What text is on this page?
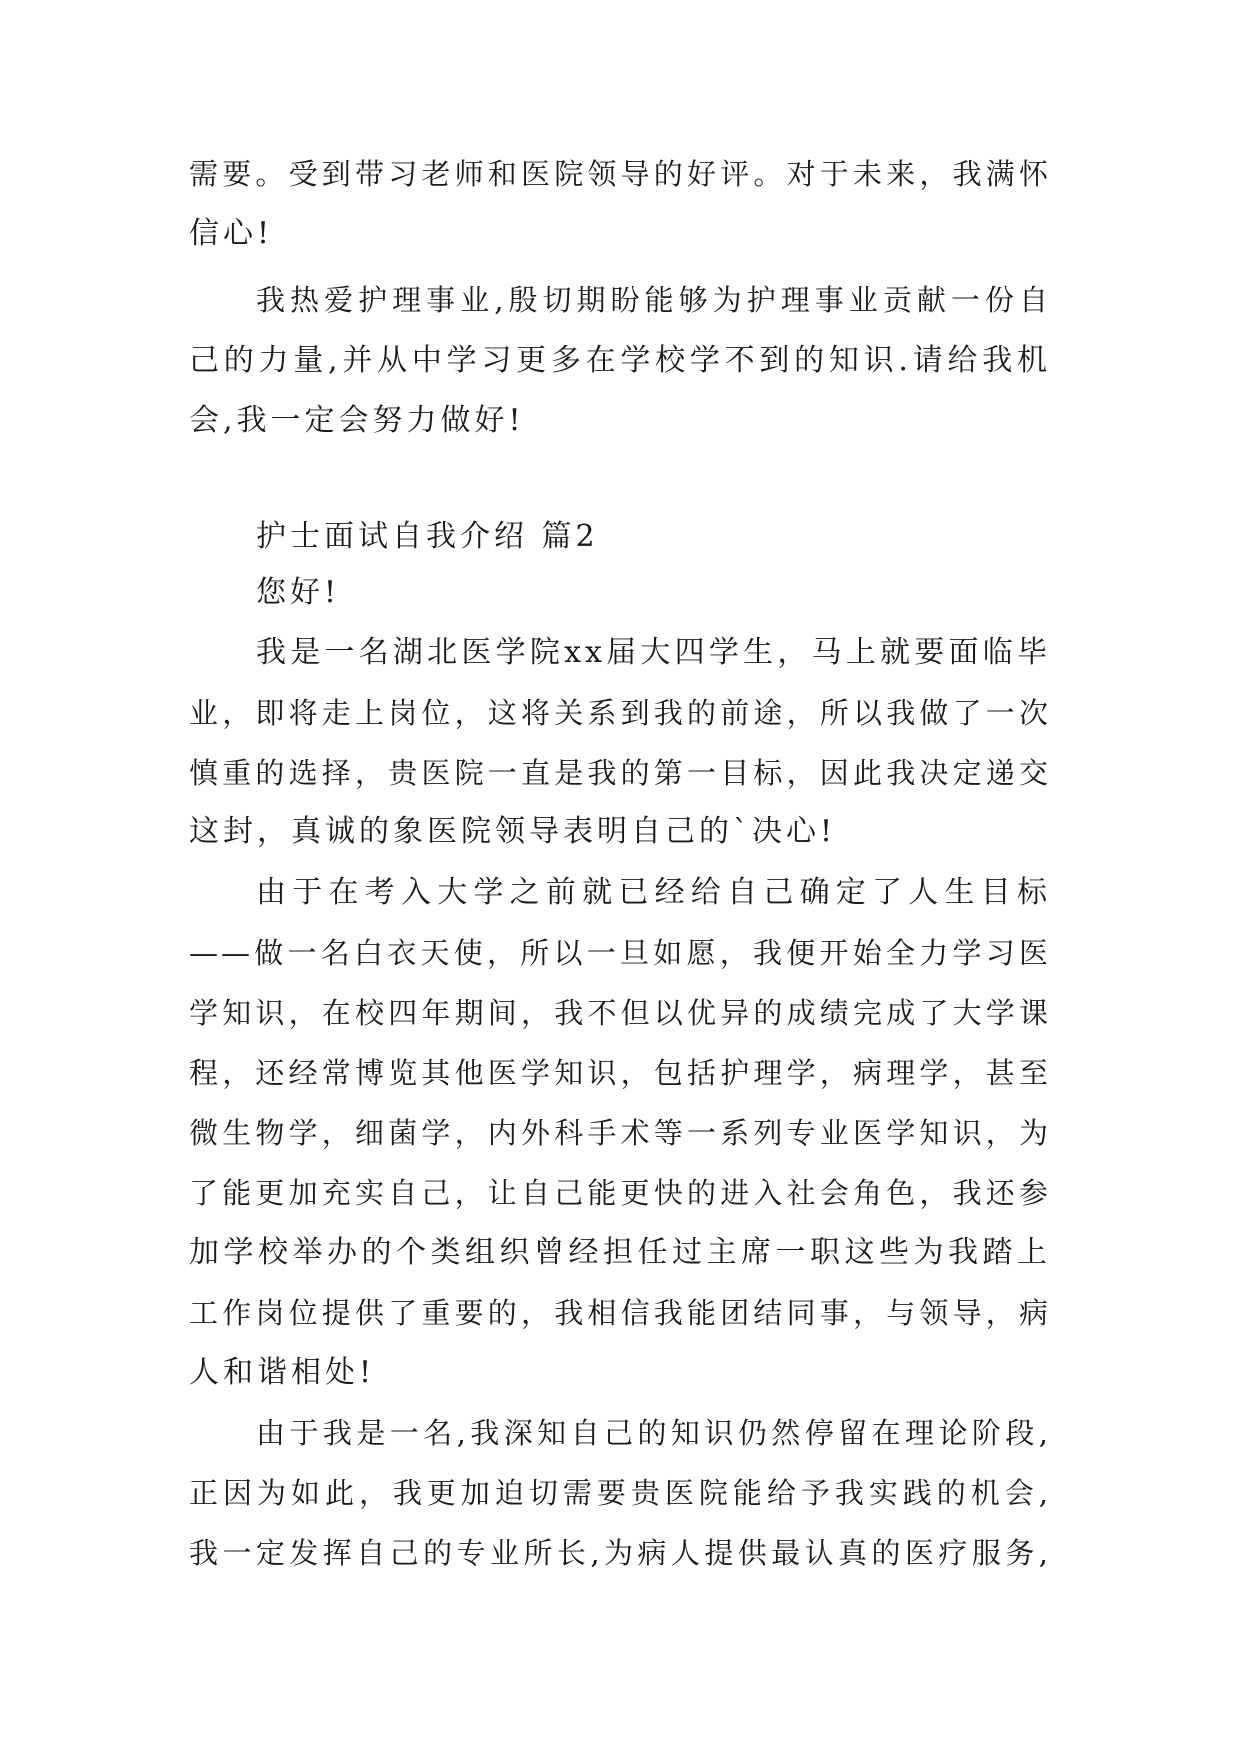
需要。受到带习老师和医院领导的好评。对于未来，我满怀
信心!
我热爱护理事业,殷切期盼能够为护理事业贡献一份自
己的力量,并从中学习更多在学校学不到的知识.请给我机
会,我一定会努力做好!
护士面试自我介绍 篇2
您好!
我是一名湖北医学院xx届大四学生，马上就要面临毕
业，即将走上岗位，这将关系到我的前途，所以我做了一次
慎重的选择，贵医院一直是我的第一目标，因此我决定递交
这封，真诚的象医院领导表明自己的`决心!
由于在考入大学之前就已经给自己确定了人生目标
——做一名白衣天使，所以一旦如愿，我便开始全力学习医
学知识，在校四年期间，我不但以优异的成绩完成了大学课
程，还经常博览其他医学知识，包括护理学，病理学，甚至
微生物学，细菌学，内外科手术等一系列专业医学知识，为
了能更加充实自己，让自己能更快的进入社会角色，我还参
加学校举办的个类组织曾经担任过主席一职这些为我踏上
工作岗位提供了重要的，我相信我能团结同事，与领导，病
人和谐相处!
由于我是一名,我深知自己的知识仍然停留在理论阶段,
正因为如此，我更加迫切需要贵医院能给予我实践的机会,
我一定发挥自己的专业所长,为病人提供最认真的医疗服务,
